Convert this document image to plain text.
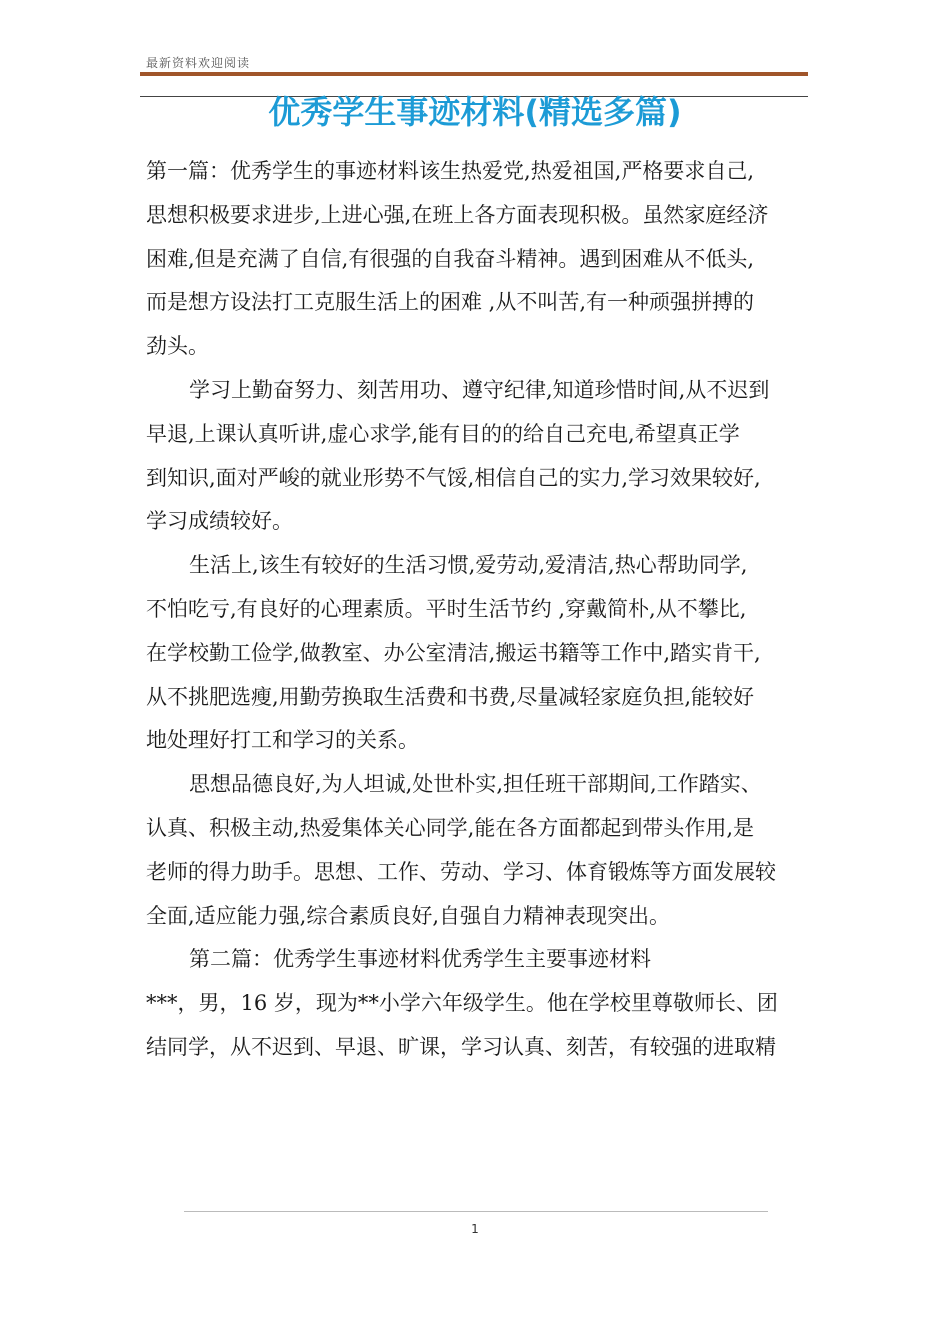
最新资料欢迎阅读
优秀学生事迹材料(精选多篇)
第一篇：优秀学生的事迹材料该生热爱党,热爱祖国,严格要求自己,
思想积极要求进步,上进心强,在班上各方面表现积极。虽然家庭经济
困难,但是充满了自信,有很强的自我奋斗精神。遇到困难从不低头,
而是想方设法打工克服生活上的困难 ,从不叫苦,有一种顽强拼搏的
劲头。
学习上勤奋努力、刻苦用功、遵守纪律,知道珍惜时间,从不迟到
早退,上课认真听讲,虚心求学,能有目的的给自己充电,希望真正学
到知识,面对严峻的就业形势不气馁,相信自己的实力,学习效果较好,
学习成绩较好。
生活上,该生有较好的生活习惯,爱劳动,爱清洁,热心帮助同学,
不怕吃亏,有良好的心理素质。平时生活节约 ,穿戴简朴,从不攀比,
在学校勤工俭学,做教室、办公室清洁,搬运书籍等工作中,踏实肯干,
从不挑肥选瘦,用勤劳换取生活费和书费,尽量减轻家庭负担,能较好
地处理好打工和学习的关系。
思想品德良好,为人坦诚,处世朴实,担任班干部期间,工作踏实、
认真、积极主动,热爱集体关心同学,能在各方面都起到带头作用,是
老师的得力助手。思想、工作、劳动、学习、体育锻炼等方面发展较
全面,适应能力强,综合素质良好,自强自力精神表现突出。
第二篇：优秀学生事迹材料优秀学生主要事迹材料
***，男，16 岁，现为**小学六年级学生。他在学校里尊敬师长、团
结同学，从不迟到、早退、旷课，学习认真、刻苦，有较强的进取精
1
